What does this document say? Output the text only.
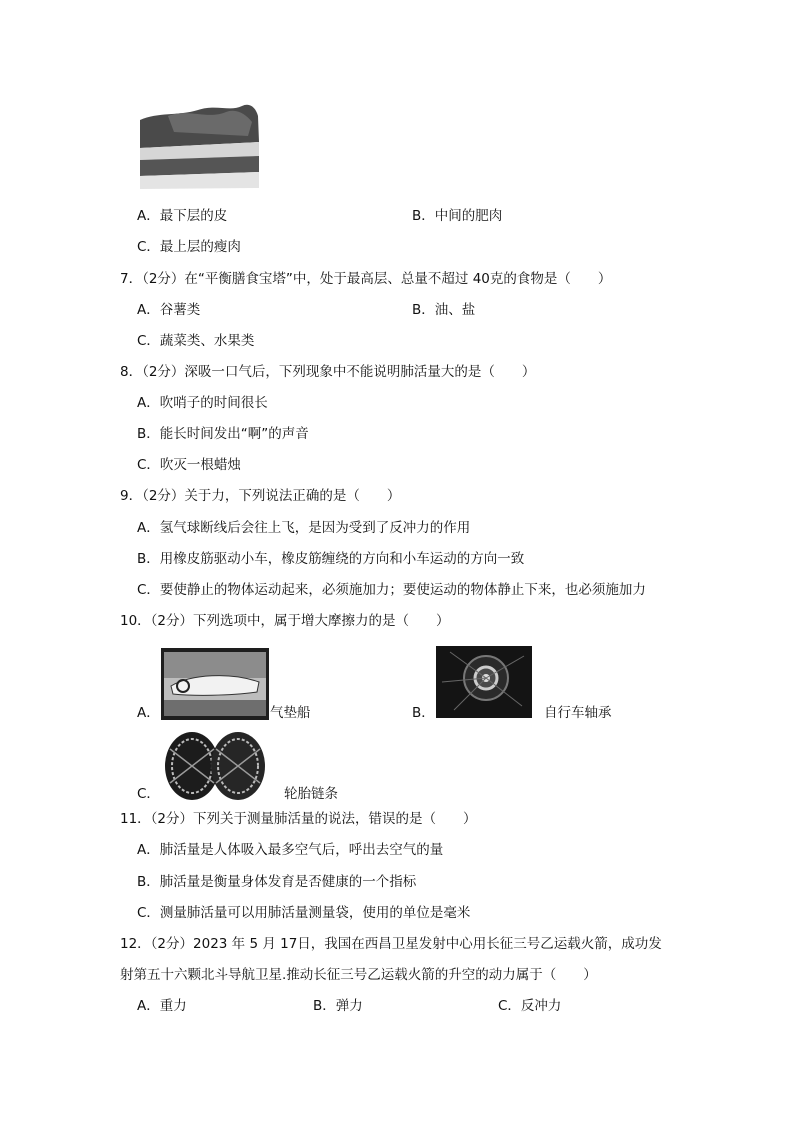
A．最下层的皮	B．中间的肥肉
C．最上层的瘦肉
7．（2分）在“平衡膳食宝塔”中，处于最高层、总量不超过 40克的食物是（　　）
A．谷薯类	B．油、盐
C．蔬菜类、水果类
8．（2分）深吸一口气后，下列现象中不能说明肺活量大的是（　　）
A．吹哨子的时间很长
B．能长时间发出“啊”的声音
C．吹灭一根蜡烛
9．（2分）关于力，下列说法正确的是（　　）
A．氢气球断线后会往上飞，是因为受到了反冲力的作用
B．用橡皮筋驱动小车，橡皮筋缠绕的方向和小车运动的方向一致
C．要使静止的物体运动起来，必须施加力；要使运动的物体静止下来，也必须施加力
10．（2分）下列选项中，属于增大摩擦力的是（　　）
A．	气垫船	B．	自行车轴承
C．	轮胎链条
11．（2分）下列关于测量肺活量的说法，错误的是（　　）
A．肺活量是人体吸入最多空气后，呼出去空气的量
B．肺活量是衡量身体发育是否健康的一个指标
C．测量肺活量可以用肺活量测量袋，使用的单位是毫米
12．（2分）2023 年 5 月 17日，我国在西昌卫星发射中心用长征三号乙运载火箭，成功发
射第五十六颗北斗导航卫星.推动长征三号乙运载火箭的升空的动力属于（　　）
A．重力	B．弹力	C．反冲力
